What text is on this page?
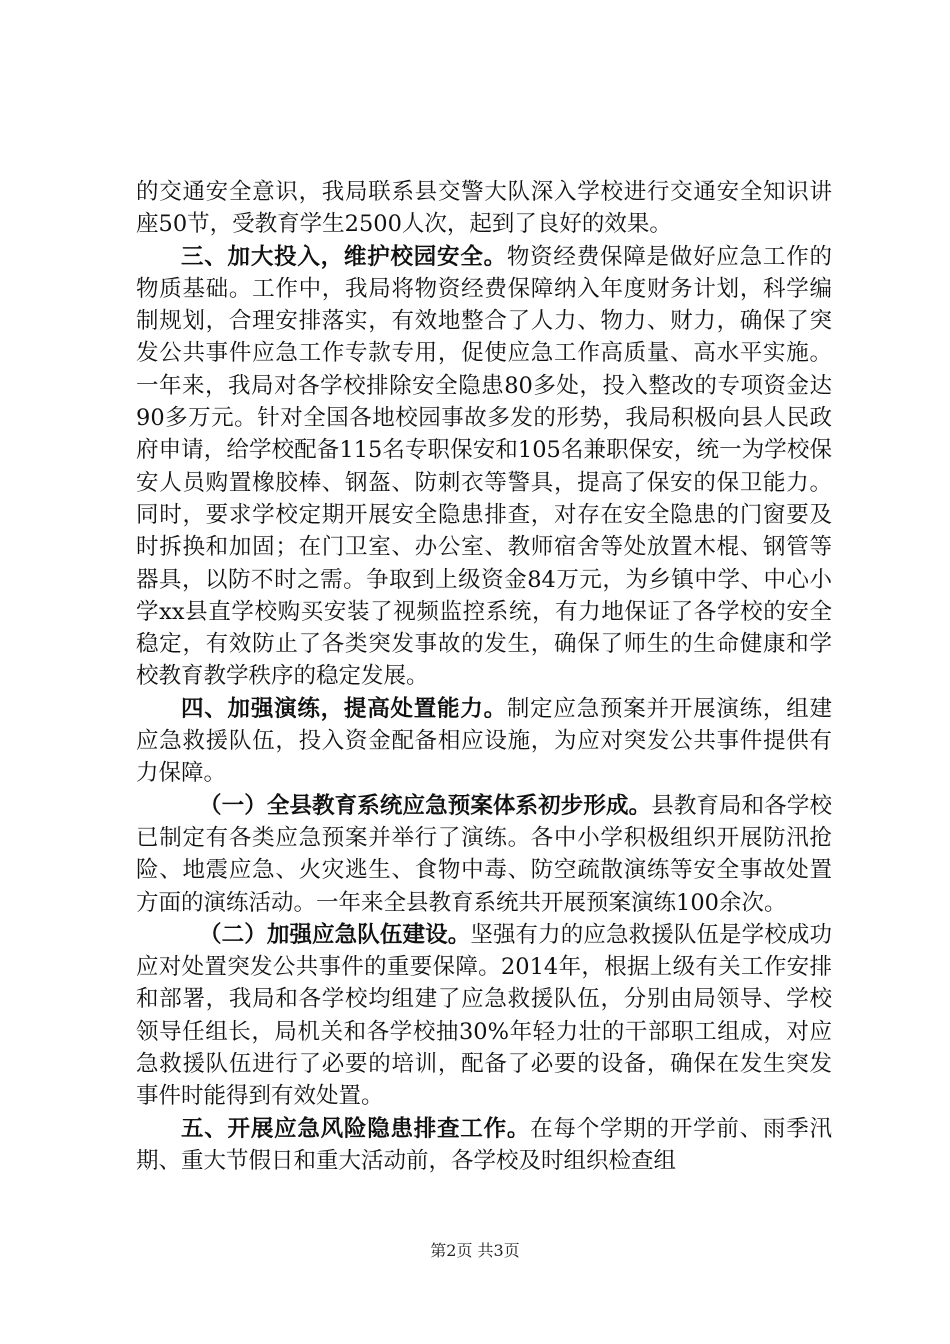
的交通安全意识，我局联系县交警大队深入学校进行交通安全知识讲座50节，受教育学生2500人次，起到了良好的效果。

三、加大投入，维护校园安全。物资经费保障是做好应急工作的物质基础。工作中，我局将物资经费保障纳入年度财务计划，科学编制规划，合理安排落实，有效地整合了人力、物力、财力，确保了突发公共事件应急工作专款专用，促使应急工作高质量、高水平实施。一年来，我局对各学校排除安全隐患80多处，投入整改的专项资金达90多万元。针对全国各地校园事故多发的形势，我局积极向县人民政府申请，给学校配备115名专职保安和105名兼职保安，统一为学校保安人员购置橡胶棒、钢盔、防刺衣等警具，提高了保安的保卫能力。同时，要求学校定期开展安全隐患排查，对存在安全隐患的门窗要及时拆换和加固；在门卫室、办公室、教师宿舍等处放置木棍、钢管等器具，以防不时之需。争取到上级资金84万元，为乡镇中学、中心小学xx县直学校购买安装了视频监控系统，有力地保证了各学校的安全稳定，有效防止了各类突发事故的发生，确保了师生的生命健康和学校教育教学秩序的稳定发展。

四、加强演练，提高处置能力。制定应急预案并开展演练，组建应急救援队伍，投入资金配备相应设施，为应对突发公共事件提供有力保障。

（一）全县教育系统应急预案体系初步形成。县教育局和各学校已制定有各类应急预案并举行了演练。各中小学积极组织开展防汛抢险、地震应急、火灾逃生、食物中毒、防空疏散演练等安全事故处置方面的演练活动。一年来全县教育系统共开展预案演练100余次。

（二）加强应急队伍建设。坚强有力的应急救援队伍是学校成功应对处置突发公共事件的重要保障。2014年，根据上级有关工作安排和部署，我局和各学校均组建了应急救援队伍，分别由局领导、学校领导任组长，局机关和各学校抽30%年轻力壮的干部职工组成，对应急救援队伍进行了必要的培训，配备了必要的设备，确保在发生突发事件时能得到有效处置。

五、开展应急风险隐患排查工作。在每个学期的开学前、雨季汛期、重大节假日和重大活动前，各学校及时组织检查组

第2页 共3页
